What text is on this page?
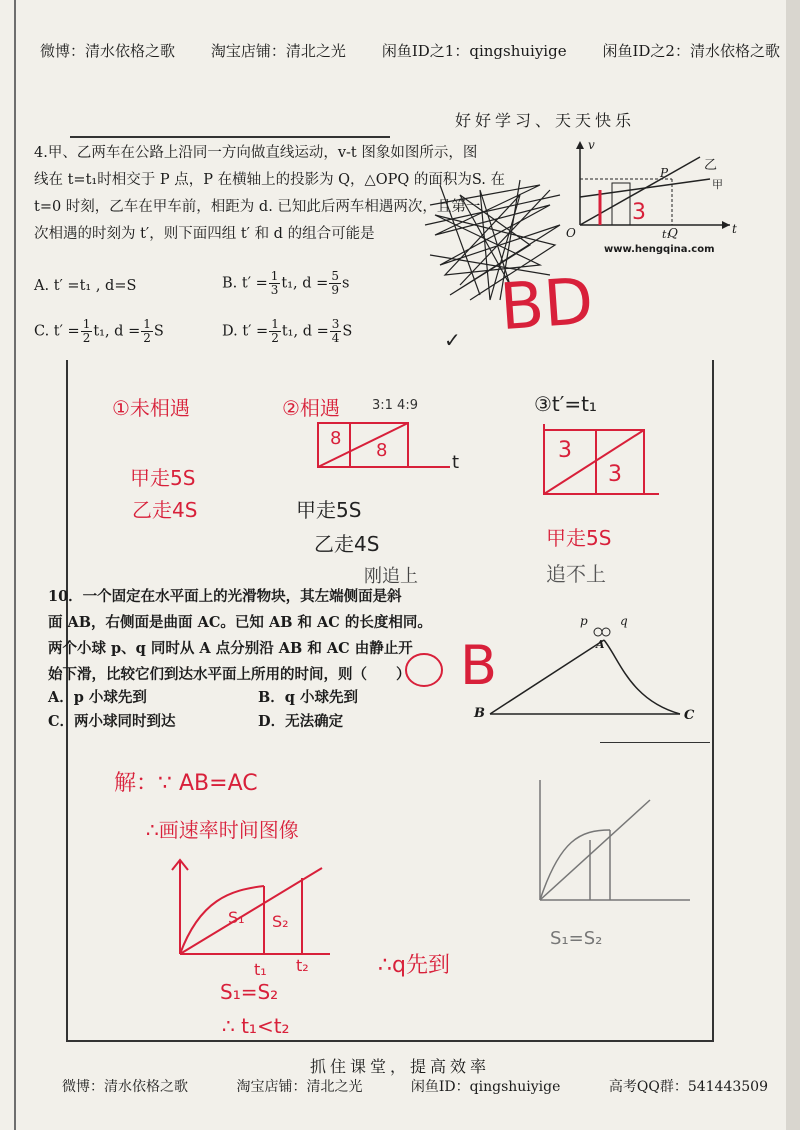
微博：清水依格之歌 淘宝店铺：清北之光 闲鱼ID之1：qingshuiyige 闲鱼ID之2：清水依格之歌
好好学习、天天快乐
4.甲、乙两车在公路上沿同一方向做直线运动，v-t 图象如图所示，图
线在 t=t₁时相交于 P 点，P 在横轴上的投影为 Q，△OPQ 的面积为S. 在
t=0 时刻，乙车在甲车前，相距为 d. 已知此后两车相遇两次，且第一
次相遇的时刻为 t′，则下面四组 t′ 和 d 的组合可能是
A. t′ =t₁ , d=S	B. $t' = \frac{1}{3} t_1$, $d = \frac{5}{9}$ s
C. $t' = \frac{1}{2} t_1$, $d = \frac{1}{2}$ S	D. $t' = \frac{1}{2} t_1$, $d = \frac{3}{4}$ S
v
t
O
P
Q
t₁
乙
甲
www.hengqina.com
3
BD
✓
①未相遇
甲走5S
乙走4S
②相遇 3:1 4:9
8
8
t
甲走5S
乙走4S
刚追上
③t′=t₁
3
3
甲走5S
追不上
10．一个固定在水平面上的光滑物块，其左端侧面是斜
面 AB，右侧面是曲面 AC。已知 AB 和 AC 的长度相同。
两个小球 p、q 同时从 A 点分别沿 AB 和 AC 由静止开
始下滑，比较它们到达水平面上所用的时间，则（　　）
A．p 小球先到	B．q 小球先到
C．两小球同时到达	D．无法确定
B	A
B	C
p	q
解：∵ AB=AC
∴画速率时间图像
S₁ S₂
t₁ t₂
S₁=S₂
∴ t₁<t₂
∴q先到
S₁=S₂
抓住课堂，提高效率
微博：清水依格之歌	淘宝店铺：清北之光	闲鱼ID：qingshuiyige	高考QQ群：541443509
